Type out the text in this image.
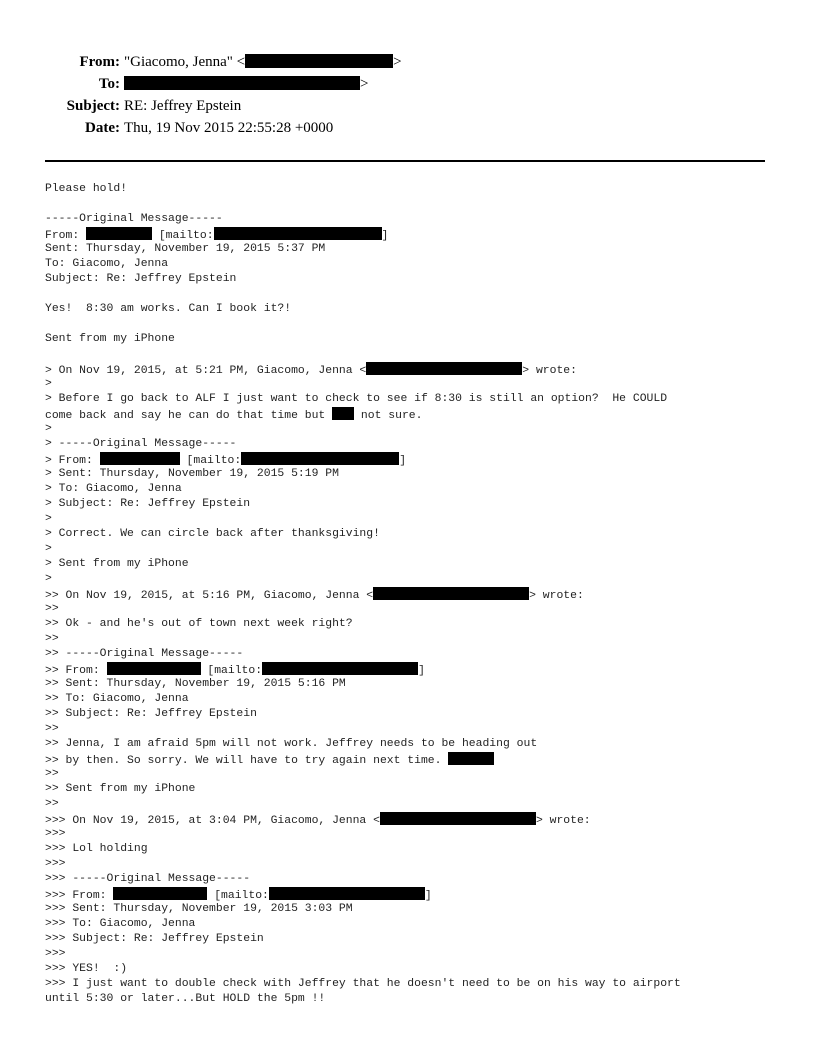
From: "Giacomo, Jenna" <	>
To:	>
Subject: RE: Jeffrey Epstein
Date: Thu, 19 Nov 2015 22:55:28 +0000
Please hold!
-----Original Message-----
From:	[mailto:	]
Sent: Thursday, November 19, 2015 5:37 PM
To: Giacomo, Jenna
Subject: Re: Jeffrey Epstein
Yes!  8:30 am works. Can I book it?!
Sent from my iPhone
> On Nov 19, 2015, at 5:21 PM, Giacomo, Jenna <	> wrote:
>
> Before I go back to ALF I just want to check to see if 8:30 is still an option?  He COULD
come back and say he can do that time but  not sure.
>
> -----Original Message-----
> From:	[mailto:	]
> Sent: Thursday, November 19, 2015 5:19 PM
> To: Giacomo, Jenna
> Subject: Re: Jeffrey Epstein
>
> Correct. We can circle back after thanksgiving!
>
> Sent from my iPhone
>
>> On Nov 19, 2015, at 5:16 PM, Giacomo, Jenna <	> wrote:
>>
>> Ok - and he's out of town next week right?
>>
>> -----Original Message-----
>> From:	[mailto:	]
>> Sent: Thursday, November 19, 2015 5:16 PM
>> To: Giacomo, Jenna
>> Subject: Re: Jeffrey Epstein
>>
>> Jenna, I am afraid 5pm will not work. Jeffrey needs to be heading out
>> by then. So sorry. We will have to try again next time.
>>
>> Sent from my iPhone
>>
>>> On Nov 19, 2015, at 3:04 PM, Giacomo, Jenna <	> wrote:
>>>
>>> Lol holding
>>>
>>> -----Original Message-----
>>> From:	[mailto:	]
>>> Sent: Thursday, November 19, 2015 3:03 PM
>>> To: Giacomo, Jenna
>>> Subject: Re: Jeffrey Epstein
>>>
>>> YES!  :)
>>> I just want to double check with Jeffrey that he doesn't need to be on his way to airport
until 5:30 or later...But HOLD the 5pm !!
